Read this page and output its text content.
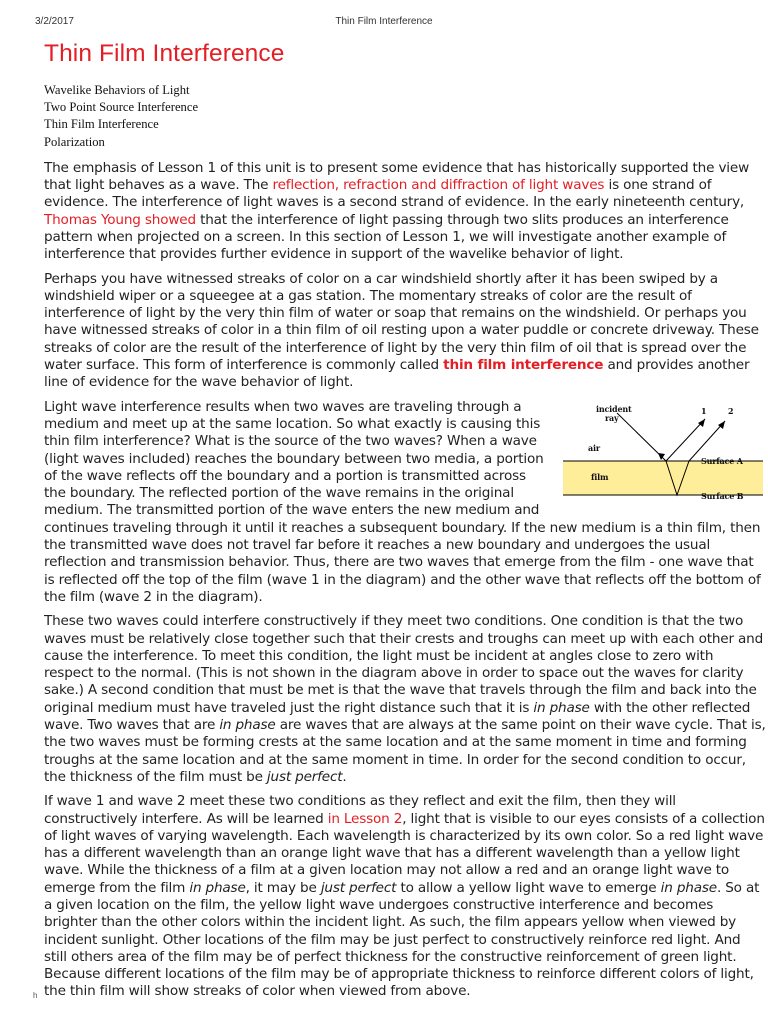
3/2/2017	Thin Film Interference
Thin Film Interference
Wavelike Behaviors of Light
Two Point Source Interference
Thin Film Interference
Polarization

The emphasis of Lesson 1 of this unit is to present some evidence that has historically supported the view that light behaves as a wave. The reflection, refraction and diffraction of light waves is one strand of evidence. The interference of light waves is a second strand of evidence. In the early nineteenth century, Thomas Young showed that the interference of light passing through two slits produces an interference pattern when projected on a screen. In this section of Lesson 1, we will investigate another example of interference that provides further evidence in support of the wavelike behavior of light.

Perhaps you have witnessed streaks of color on a car windshield shortly after it has been swiped by a windshield wiper or a squeegee at a gas station. The momentary streaks of color are the result of interference of light by the very thin film of water or soap that remains on the windshield. Or perhaps you have witnessed streaks of color in a thin film of oil resting upon a water puddle or concrete driveway. These streaks of color are the result of the interference of light by the very thin film of oil that is spread over the water surface. This form of interference is commonly called thin film interference and provides another line of evidence for the wave behavior of light.

incident
ray
1	2
air
film
Surface A
Surface B
Light wave interference results when two waves are traveling through a medium and meet up at the same location. So what exactly is causing this thin film interference? What is the source of the two waves? When a wave (light waves included) reaches the boundary between two media, a portion of the wave reflects off the boundary and a portion is transmitted across the boundary. The reflected portion of the wave remains in the original medium. The transmitted portion of the wave enters the new medium and continues traveling through it until it reaches a subsequent boundary. If the new medium is a thin film, then the transmitted wave does not travel far before it reaches a new boundary and undergoes the usual reflection and transmission behavior. Thus, there are two waves that emerge from the film - one wave that is reflected off the top of the film (wave 1 in the diagram) and the other wave that reflects off the bottom of the film (wave 2 in the diagram).

These two waves could interfere constructively if they meet two conditions. One condition is that the two waves must be relatively close together such that their crests and troughs can meet up with each other and cause the interference. To meet this condition, the light must be incident at angles close to zero with respect to the normal. (This is not shown in the diagram above in order to space out the waves for clarity sake.) A second condition that must be met is that the wave that travels through the film and back into the original medium must have traveled just the right distance such that it is in phase with the other reflected wave. Two waves that are in phase are waves that are always at the same point on their wave cycle. That is, the two waves must be forming crests at the same location and at the same moment in time and forming troughs at the same location and at the same moment in time. In order for the second condition to occur, the thickness of the film must be just perfect.

If wave 1 and wave 2 meet these two conditions as they reflect and exit the film, then they will constructively interfere. As will be learned in Lesson 2, light that is visible to our eyes consists of a collection of light waves of varying wavelength. Each wavelength is characterized by its own color. So a red light wave has a different wavelength than an orange light wave that has a different wavelength than a yellow light wave. While the thickness of a film at a given location may not allow a red and an orange light wave to emerge from the film in phase, it may be just perfect to allow a yellow light wave to emerge in phase. So at a given location on the film, the yellow light wave undergoes constructive interference and becomes brighter than the other colors within the incident light. As such, the film appears yellow when viewed by incident sunlight. Other locations of the film may be just perfect to constructively reinforce red light. And still others area of the film may be of perfect thickness for the constructive reinforcement of green light. Because different locations of the film may be of appropriate thickness to reinforce different colors of light, the thin film will show streaks of color when viewed from above.

h
